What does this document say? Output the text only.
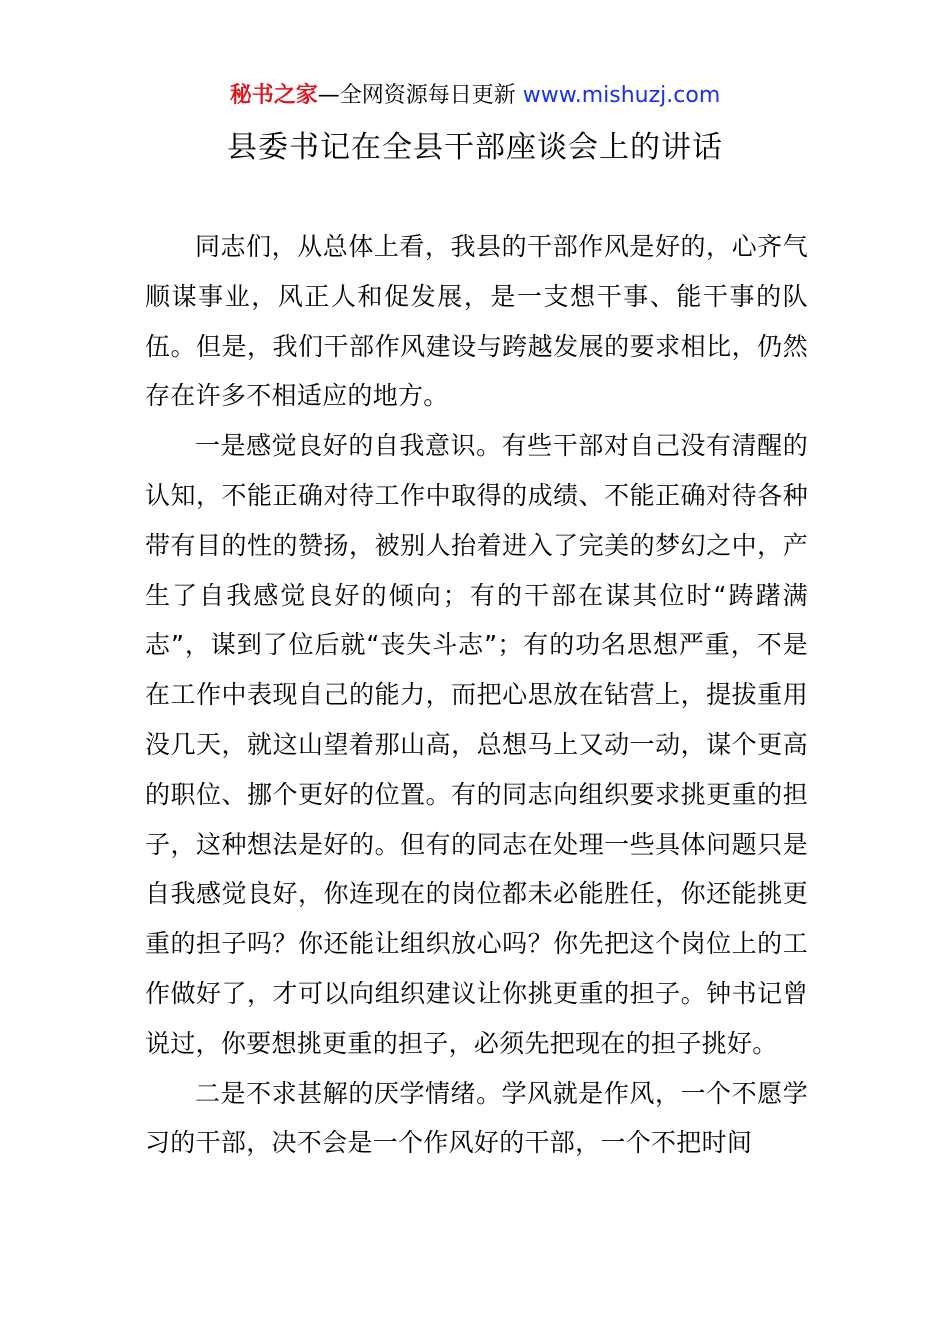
秘书之家—全网资源每日更新 www.mishuzj.com
县委书记在全县干部座谈会上的讲话

同志们，从总体上看，我县的干部作风是好的，心齐气顺谋事业，风正人和促发展，是一支想干事、能干事的队伍。但是，我们干部作风建设与跨越发展的要求相比，仍然存在许多不相适应的地方。

一是感觉良好的自我意识。有些干部对自己没有清醒的认知，不能正确对待工作中取得的成绩、不能正确对待各种带有目的性的赞扬，被别人抬着进入了完美的梦幻之中，产生了自我感觉良好的倾向；有的干部在谋其位时“踌躇满志”，谋到了位后就“丧失斗志”；有的功名思想严重，不是在工作中表现自己的能力，而把心思放在钻营上，提拔重用没几天，就这山望着那山高，总想马上又动一动，谋个更高的职位、挪个更好的位置。有的同志向组织要求挑更重的担子，这种想法是好的。但有的同志在处理一些具体问题只是自我感觉良好，你连现在的岗位都未必能胜任，你还能挑更重的担子吗？你还能让组织放心吗？你先把这个岗位上的工作做好了，才可以向组织建议让你挑更重的担子。钟书记曾说过，你要想挑更重的担子，必须先把现在的担子挑好。

二是不求甚解的厌学情绪。学风就是作风，一个不愿学习的干部，决不会是一个作风好的干部，一个不把时间
